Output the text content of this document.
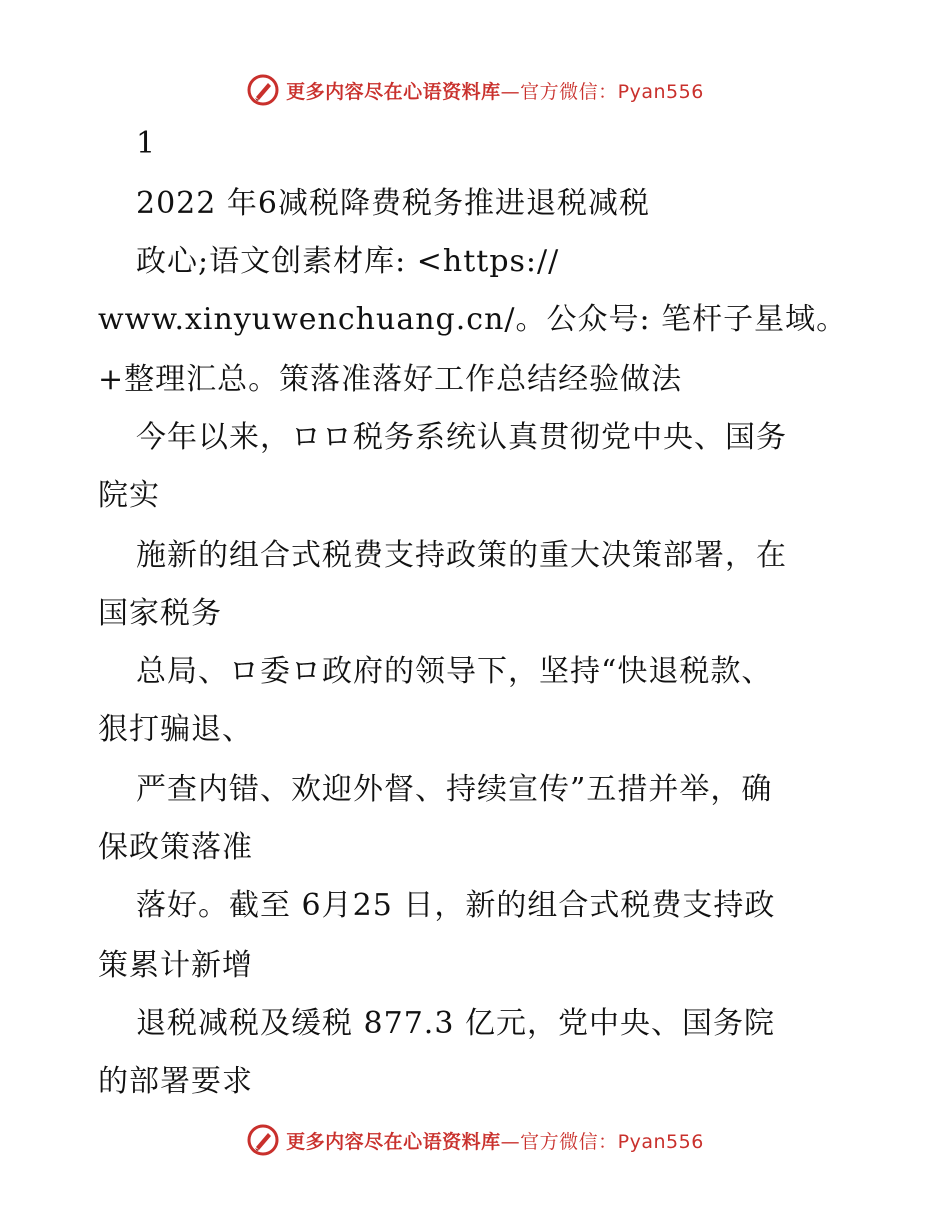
更多内容尽在心语资料库—官方微信：Pyan556
1
2022 年6减税降费税务推进退税减税
政心;语文创素材库: <https://
www.xinyuwenchuang.cn/。公众号: 笔杆子星域。
+整理汇总。策落准落好工作总结经验做法
今年以来，ロロ税务系统认真贯彻党中央、国务
院实
施新的组合式税费支持政策的重大决策部署，在
国家税务
总局、ロ委ロ政府的领导下，坚持“快退税款、
狠打骗退、
严查内错、欢迎外督、持续宣传”五措并举，确
保政策落准
落好。截至 6月25 日，新的组合式税费支持政
策累计新增
退税减税及缓税 877.3 亿元，党中央、国务院
的部署要求
更多内容尽在心语资料库—官方微信：Pyan556
